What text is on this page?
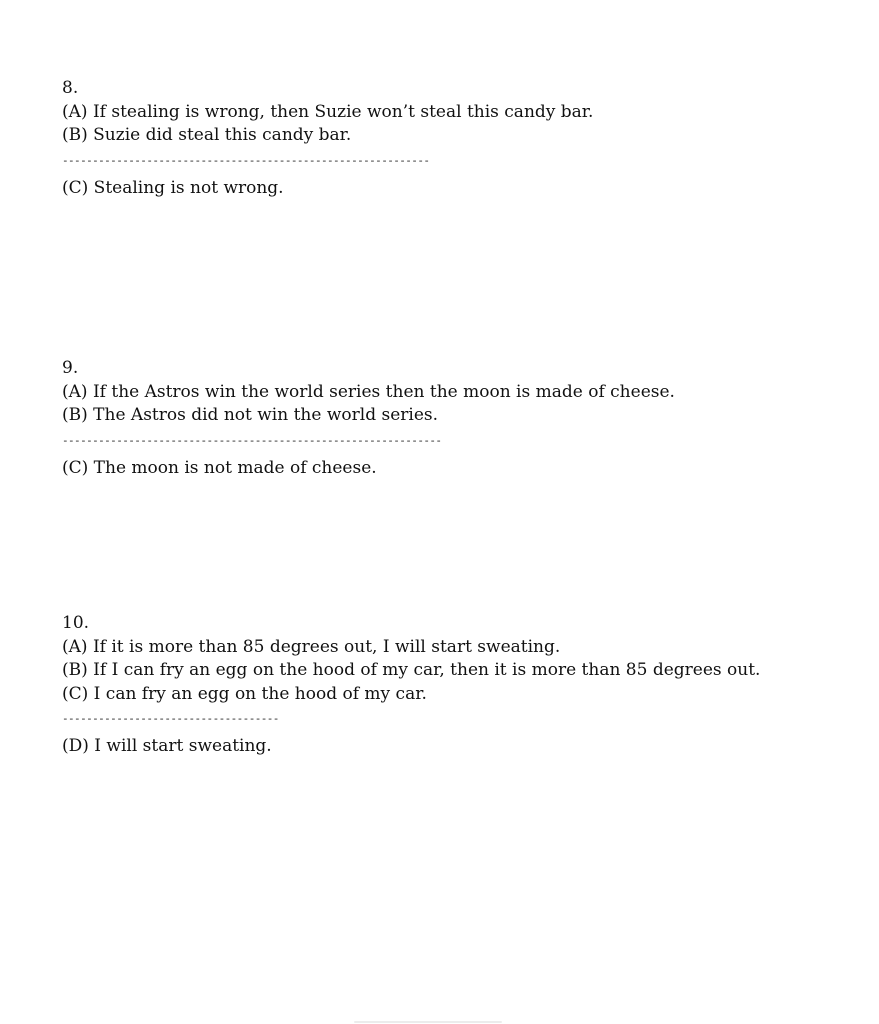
8.
(A) If stealing is wrong, then Suzie won’t steal this candy bar.
(B) Suzie did steal this candy bar.
-------------------------------------------------------------
(C) Stealing is not wrong.
9.
(A) If the Astros win the world series then the moon is made of cheese.
(B) The Astros did not win the world series.
---------------------------------------------------------------
(C) The moon is not made of cheese.
10.
(A) If it is more than 85 degrees out, I will start sweating.
(B) If I can fry an egg on the hood of my car, then it is more than 85 degrees out.
(C) I can fry an egg on the hood of my car.
------------------------------------
(D) I will start sweating.
